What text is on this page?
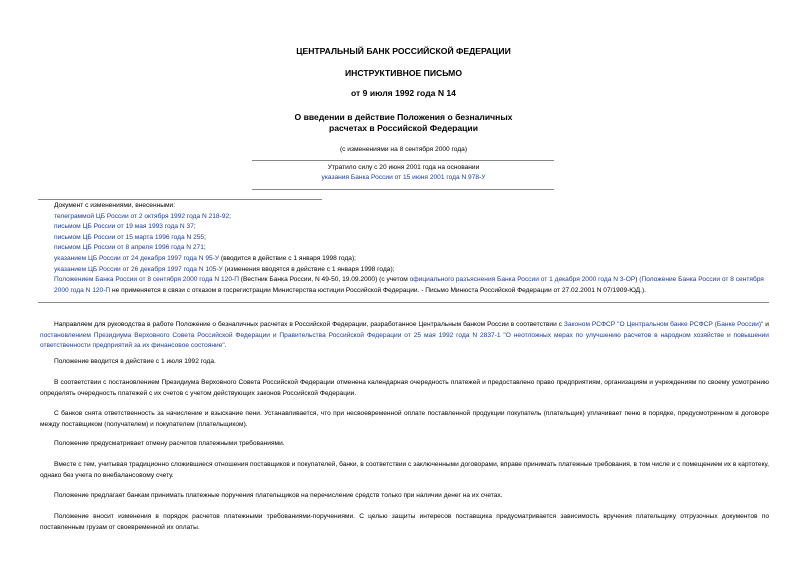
ЦЕНТРАЛЬНЫЙ БАНК РОССИЙСКОЙ ФЕДЕРАЦИИ
ИНСТРУКТИВНОЕ ПИСЬМО
от 9 июля 1992 года N 14
О введении в действие Положения о безналичных
расчетах в Российской Федерации
(с изменениями на 8 сентября 2000 года)
Утратило силу с 20 июня 2001 года на основании
указания Банка России от 15 июня 2001 года N 978-У
Документ с изменениями, внесенными:
телеграммой ЦБ России от 2 октября 1992 года N 218-92;
письмом ЦБ России от 19 мая 1993 года N 37;
письмом ЦБ России от 15 марта 1996 года N 255;
письмом ЦБ России от 8 апреля 1996 года N 271;
указанием ЦБ России от 24 декабря 1997 года N 95-У (вводится в действие с 1 января 1998 года);
указанием ЦБ России от 26 декабря 1997 года N 105-У (изменения вводятся в действие с 1 января 1998 года);
Положением Банка России от 8 сентября 2000 года N 120-П (Вестник Банка России, N 49-50, 19.09.2000) (с учетом официального разъяснения Банка России от 1 декабря 2000 года N 3-ОР) (Положение Банка России от 8 сентября 2000 года N 120-П не применяется в связи с отказом в госрегистрации Министерства юстиции Российской Федерации. - Письмо Минюста Российской Федерации от 27.02.2001 N 07/1909-ЮД.).
Направляем для руководства в работе Положение о безналичных расчетах в Российской Федерации, разработанное Центральным банком России в соответствии с Законом РСФСР "О Центральном банке РСФСР (Банке России)" и постановлением Президиума Верховного Совета Российской Федерации и Правительства Российской Федерации от 25 мая 1992 года N 2837-1 "О неотложных мерах по улучшению расчетов в народном хозяйстве и повышении ответственности предприятий за их финансовое состояние".
Положение вводится в действие с 1 июля 1992 года.
В соответствии с постановлением Президиума Верховного Совета Российской Федерации отменена календарная очередность платежей и предоставлено право предприятиям, организациям и учреждениям по своему усмотрению определять очередность платежей с их счетов с учетом действующих законов Российской Федерации.
С банков снята ответственность за начисление и взыскание пени. Устанавливается, что при несвоевременной оплате поставленной продукции покупатель (плательщик) уплачивает пеню в порядке, предусмотренном в договоре между поставщиком (получателем) и покупателем (плательщиком).
Положение предусматривает отмену расчетов платежными требованиями.
Вместе с тем, учитывая традиционно сложившиеся отношения поставщиков и покупателей, банки, в соответствии с заключенными договорами, вправе принимать платежные требования, в том числе и с помещением их в картотеку, однако без учета по внебалансовому счету.
Положение предлагает банкам принимать платежные поручения плательщиков на перечисление средств только при наличии денег на их счетах.
Положение вносит изменения в порядок расчетов платежными требованиями-поручениями. С целью защиты интересов поставщика предусматривается зависимость вручения плательщику отгрузочных документов по поставленным грузам от своевременной их оплаты.
